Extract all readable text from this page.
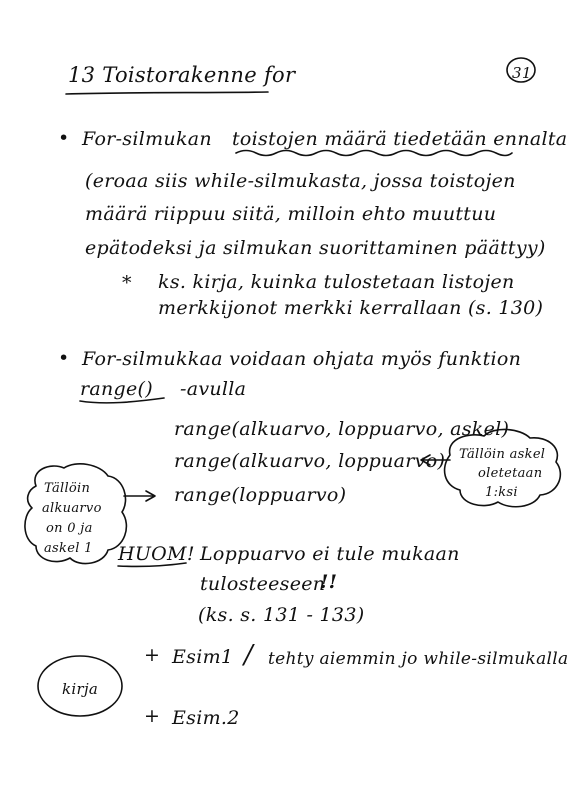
13 Toistorakenne for	31
• For-silmukan toistojen määrä tiedetään ennalta
(eroaa siis while-silmukasta, jossa toistojen
määrä riippuu siitä, milloin ehto muuttuu
epätodeksi ja silmukan suorittaminen päättyy)
* ks. kirja, kuinka tulostetaan listojen
merkkijonot merkki kerrallaan (s. 130)
• For-silmukkaa voidaan ohjata myös funktion
range() -avulla
range(alkuarvo, loppuarvo, askel)
range(alkuarvo, loppuarvo)
range(loppuarvo)
Tällöin askel
oletetaan
1:ksi
Tällöin
alkuarvo
on 0 ja
askel 1 HUOM! Loppuarvo ei tule mukaan
tulosteeseen
!!
(ks. s. 131 - 133)
kirja
+ Esim1 / tehty aiemmin jo while-silmukalla
+ Esim.2
